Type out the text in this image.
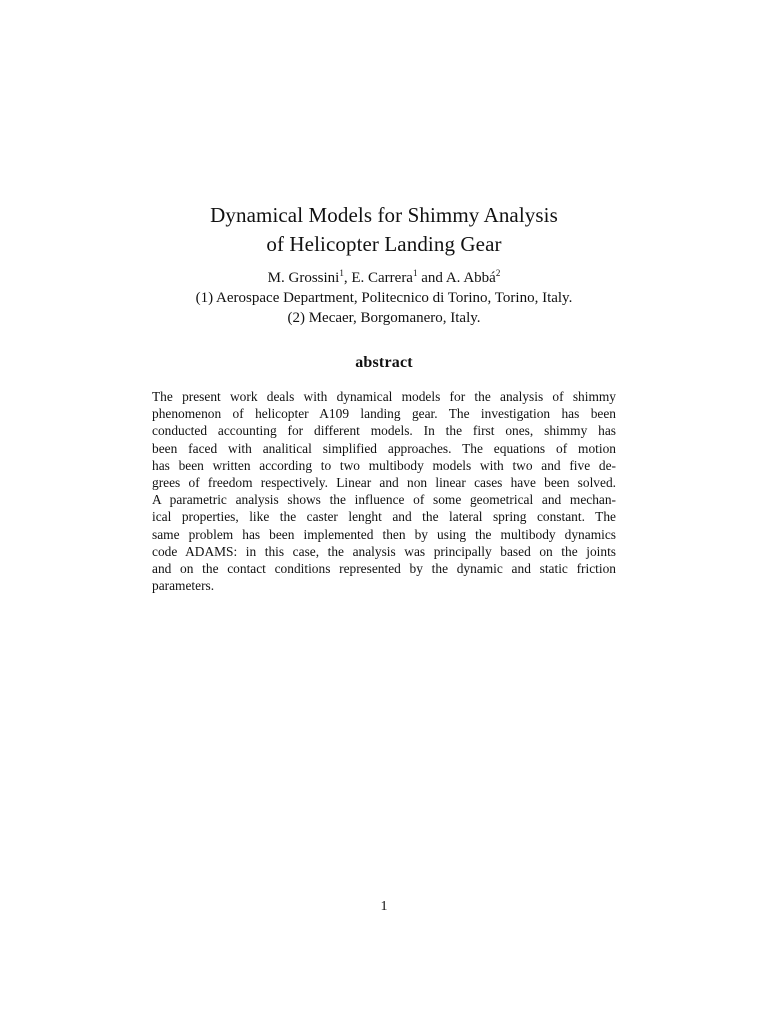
Dynamical Models for Shimmy Analysis
of Helicopter Landing Gear
M. Grossini$^1$, E. Carrera$^1$ and A. Abbá$^2$
(1) Aerospace Department, Politecnico di Torino, Torino, Italy.
(2) Mecaer, Borgomanero, Italy.
abstract
The present work deals with dynamical models for the analysis of shimmy
phenomenon of helicopter A109 landing gear. The investigation has been
conducted accounting for different models. In the first ones, shimmy has
been faced with analitical simplified approaches. The equations of motion
has been written according to two multibody models with two and five de-
grees of freedom respectively. Linear and non linear cases have been solved.
A parametric analysis shows the influence of some geometrical and mechan-
ical properties, like the caster lenght and the lateral spring constant. The
same problem has been implemented then by using the multibody dynamics
code ADAMS: in this case, the analysis was principally based on the joints
and on the contact conditions represented by the dynamic and static friction
parameters.
1
